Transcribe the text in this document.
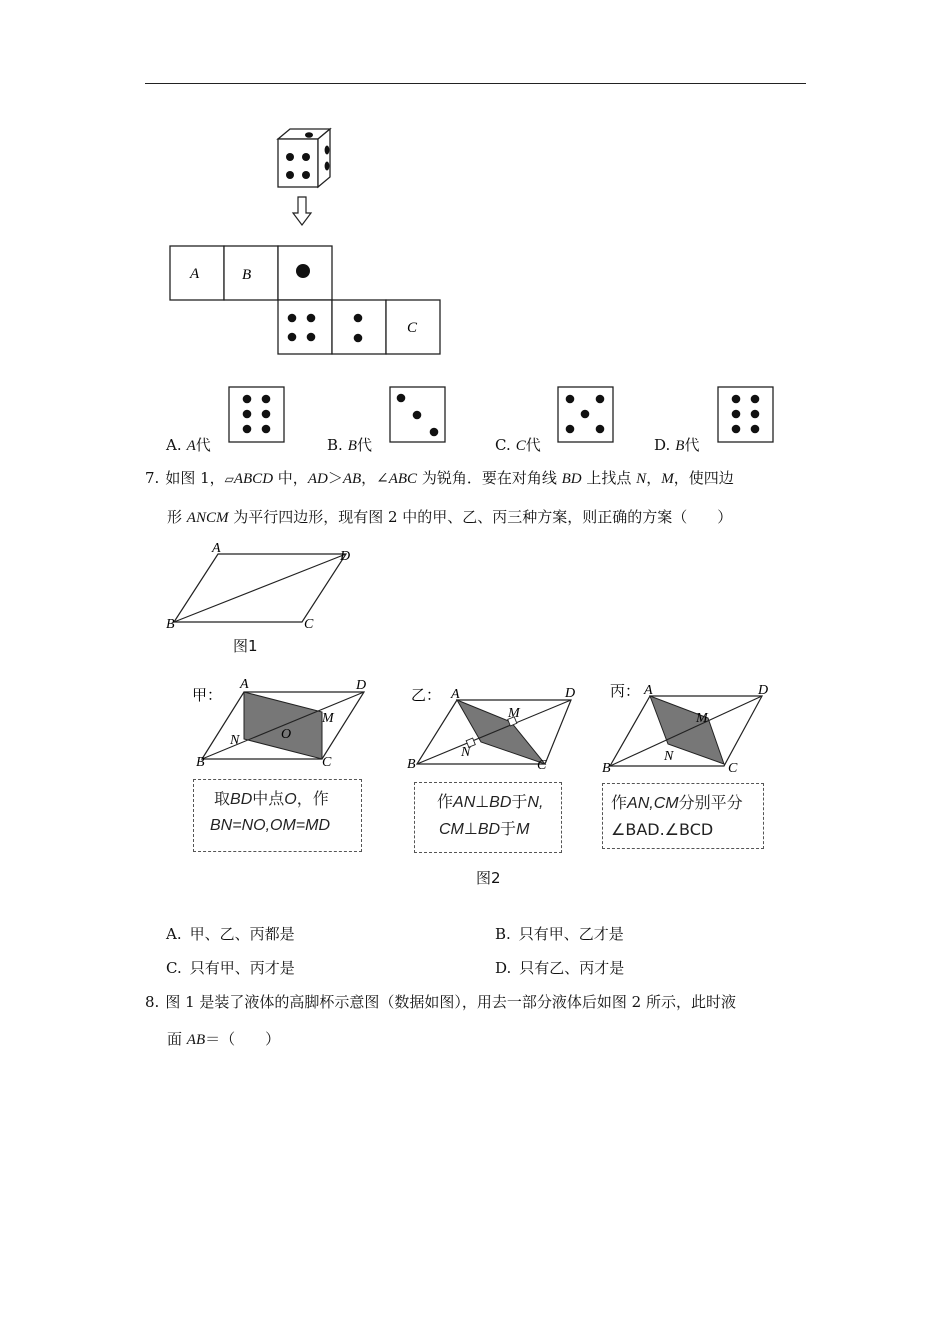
A	B
C
A. A代	B. B代	C. C代	D. B代
7. 如图 1，▱ABCD 中，AD＞AB，∠ABC 为锐角．要在对角线 BD 上找点 N，M，使四边
形 ANCM 为平行四边形，现有图 2 中的甲、乙、丙三种方案，则正确的方案（　　）
A
D
B	C
图1
甲：
A
B	C
D
M
N	O
取BD中点O，作
BN=NO,OM=MD
乙： A
B	C
D
M
N
作AN⊥BD于N,
CM⊥BD于M
丙： A
B	C
D
M
N
作AN,CM分别平分
∠BAD.∠BCD
图2
A. 甲、乙、丙都是	B. 只有甲、乙才是
C. 只有甲、丙才是	D. 只有乙、丙才是
8. 图 1 是装了液体的高脚杯示意图（数据如图），用去一部分液体后如图 2 所示，此时液
面 AB＝（　　）
